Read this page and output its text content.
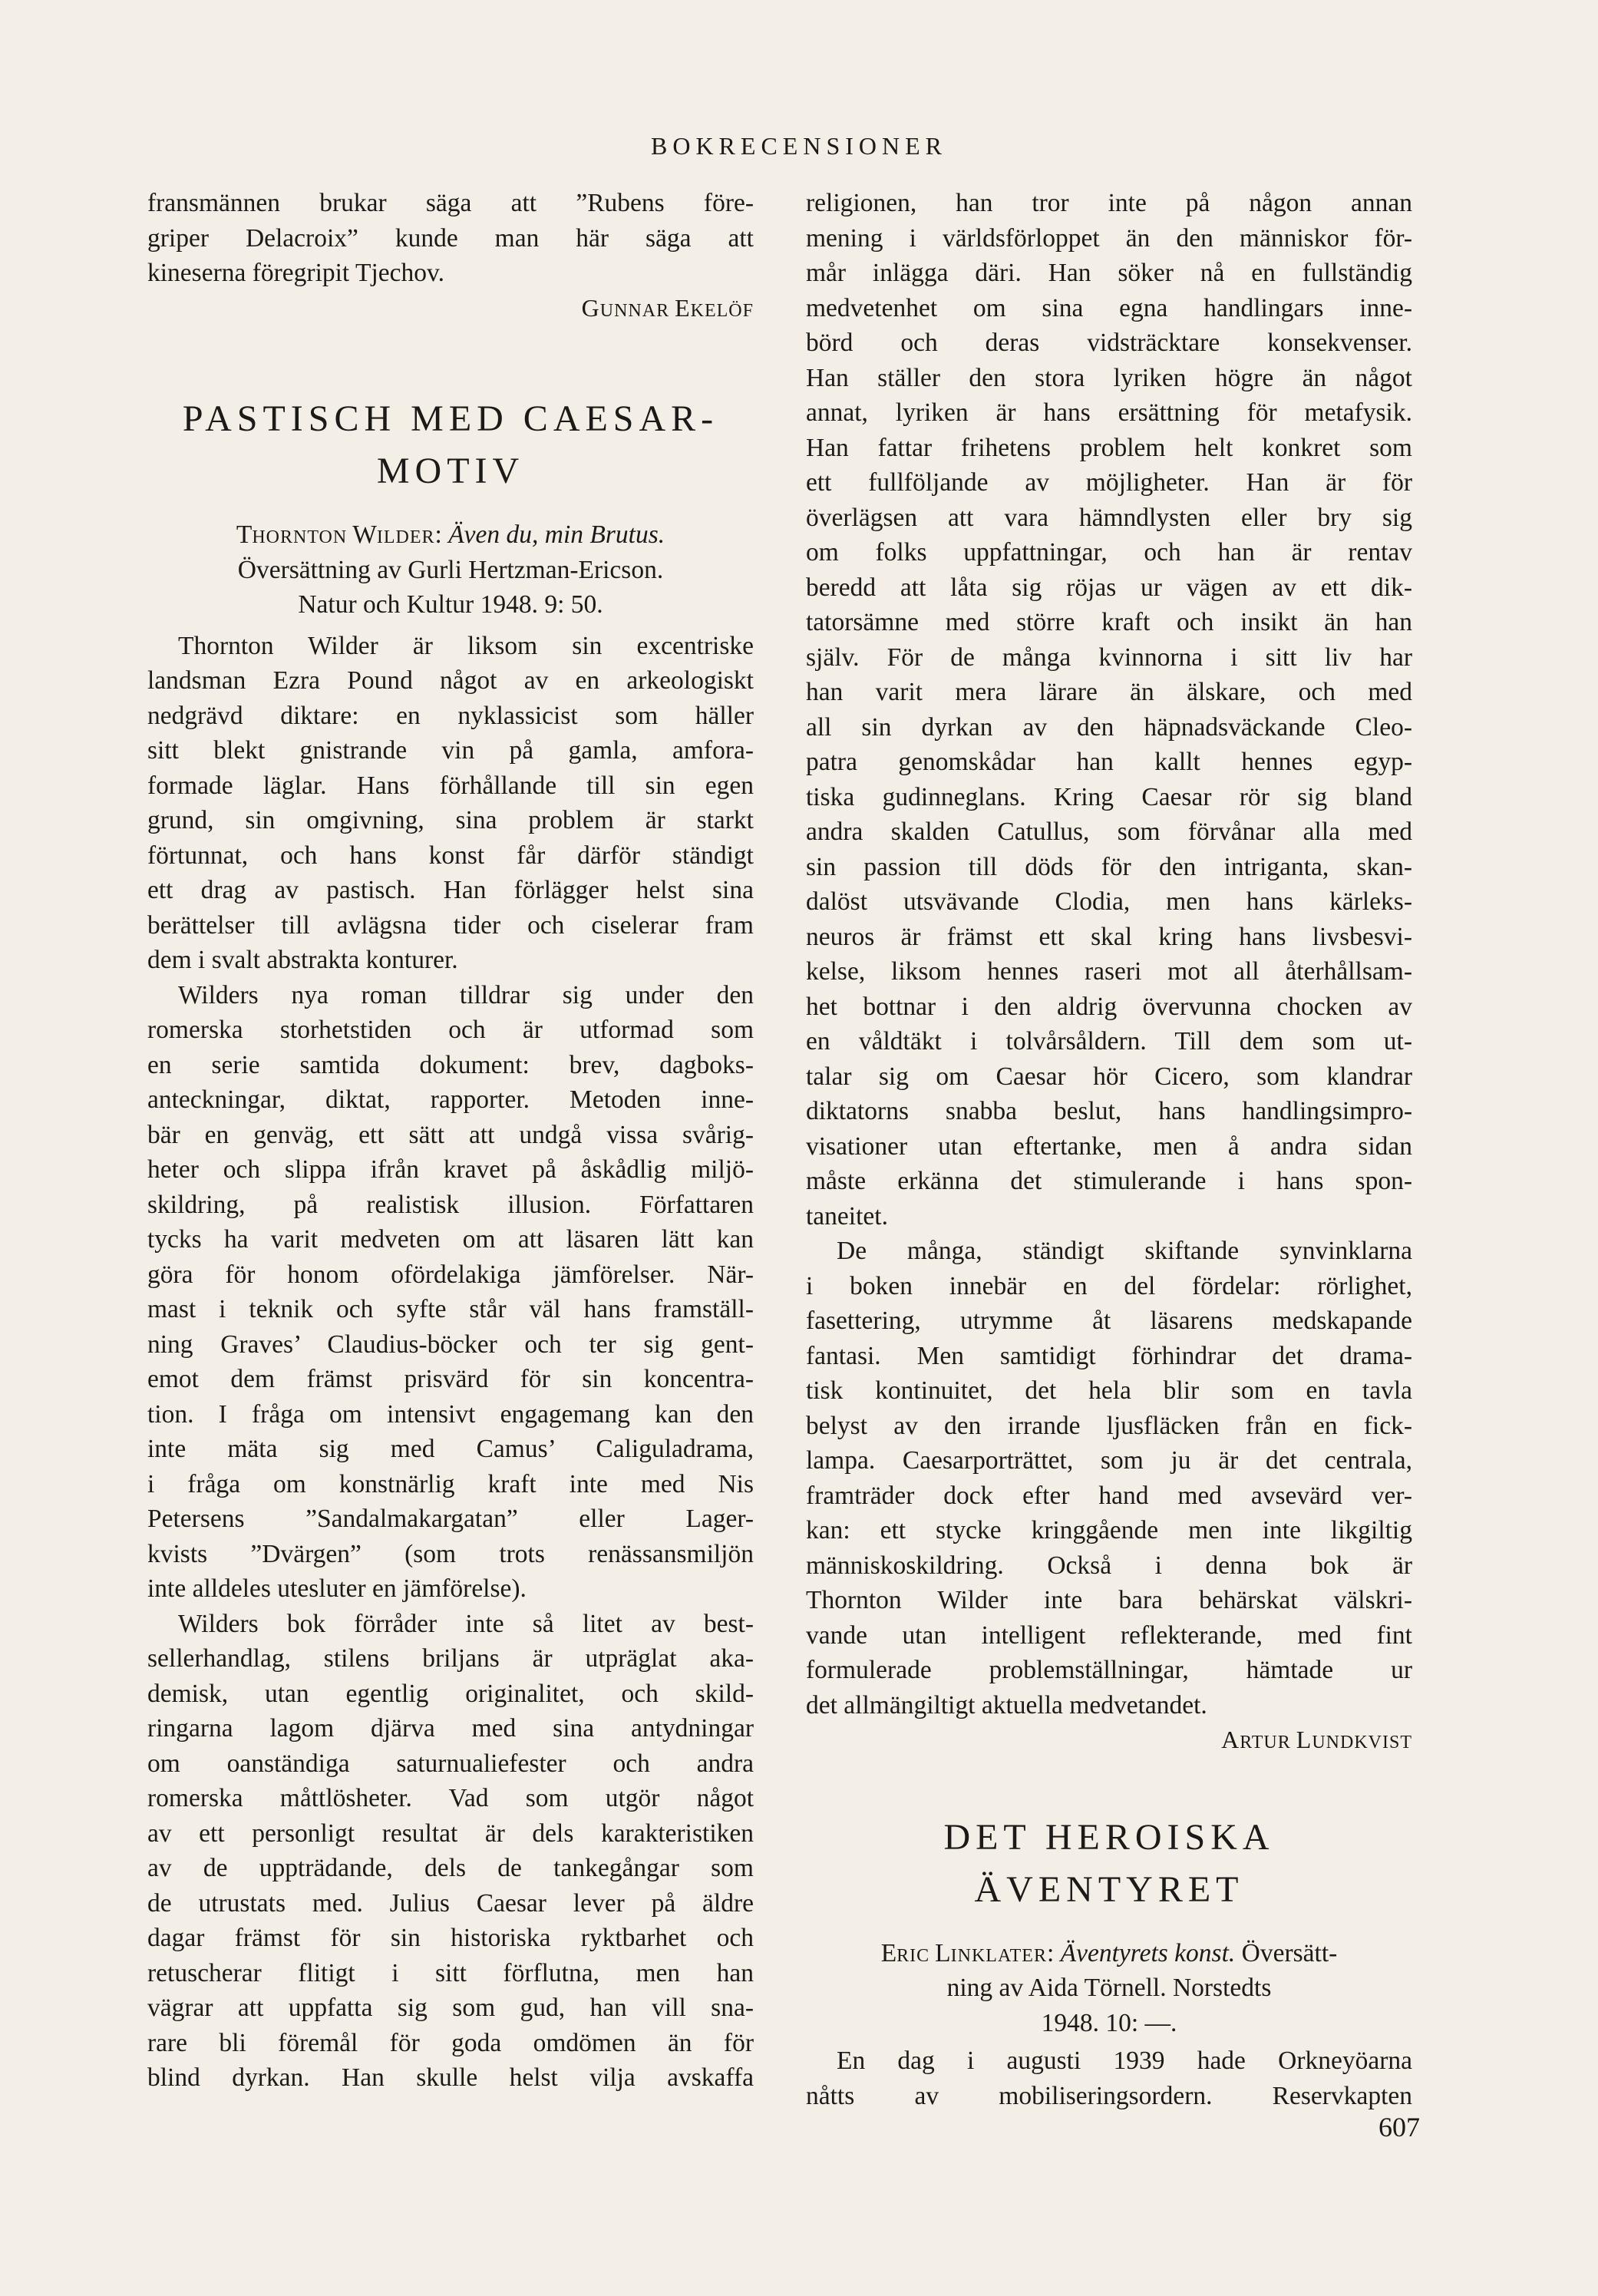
BOKRECENSIONER
fransmännen brukar säga att ”Rubens före-
griper Delacroix” kunde man här säga att
kineserna föregripit Tjechov.
GUNNAR EKELÖF
PASTISCH MED CAESAR-
MOTIV
THORNTON WILDER: Även du, min Brutus.
Översättning av Gurli Hertzman-Ericson.
Natur och Kultur 1948. 9: 50.
Thornton Wilder är liksom sin excentriske
landsman Ezra Pound något av en arkeologiskt
nedgrävd diktare: en nyklassicist som häller
sitt blekt gnistrande vin på gamla, amfora-
formade läglar. Hans förhållande till sin egen
grund, sin omgivning, sina problem är starkt
förtunnat, och hans konst får därför ständigt
ett drag av pastisch. Han förlägger helst sina
berättelser till avlägsna tider och ciselerar fram
dem i svalt abstrakta konturer.
Wilders nya roman tilldrar sig under den
romerska storhetstiden och är utformad som
en serie samtida dokument: brev, dagboks-
anteckningar, diktat, rapporter. Metoden inne-
bär en genväg, ett sätt att undgå vissa svårig-
heter och slippa ifrån kravet på åskådlig miljö-
skildring, på realistisk illusion. Författaren
tycks ha varit medveten om att läsaren lätt kan
göra för honom ofördelakiga jämförelser. När-
mast i teknik och syfte står väl hans framställ-
ning Graves’ Claudius-böcker och ter sig gent-
emot dem främst prisvärd för sin koncentra-
tion. I fråga om intensivt engagemang kan den
inte mäta sig med Camus’ Caliguladrama,
i fråga om konstnärlig kraft inte med Nis
Petersens ”Sandalmakargatan” eller Lager-
kvists ”Dvärgen” (som trots renässansmiljön
inte alldeles utesluter en jämförelse).
Wilders bok förråder inte så litet av best-
sellerhandlag, stilens briljans är utpräglat aka-
demisk, utan egentlig originalitet, och skild-
ringarna lagom djärva med sina antydningar
om oanständiga saturnualiefester och andra
romerska måttlösheter. Vad som utgör något
av ett personligt resultat är dels karakteristiken
av de uppträdande, dels de tankegångar som
de utrustats med. Julius Caesar lever på äldre
dagar främst för sin historiska ryktbarhet och
retuscherar flitigt i sitt förflutna, men han
vägrar att uppfatta sig som gud, han vill sna-
rare bli föremål för goda omdömen än för
blind dyrkan. Han skulle helst vilja avskaffa
religionen, han tror inte på någon annan
mening i världsförloppet än den människor för-
mår inlägga däri. Han söker nå en fullständig
medvetenhet om sina egna handlingars inne-
börd och deras vidsträcktare konsekvenser.
Han ställer den stora lyriken högre än något
annat, lyriken är hans ersättning för metafysik.
Han fattar frihetens problem helt konkret som
ett fullföljande av möjligheter. Han är för
överlägsen att vara hämndlysten eller bry sig
om folks uppfattningar, och han är rentav
beredd att låta sig röjas ur vägen av ett dik-
tatorsämne med större kraft och insikt än han
själv. För de många kvinnorna i sitt liv har
han varit mera lärare än älskare, och med
all sin dyrkan av den häpnadsväckande Cleo-
patra genomskådar han kallt hennes egyp-
tiska gudinneglans. Kring Caesar rör sig bland
andra skalden Catullus, som förvånar alla med
sin passion till döds för den intriganta, skan-
dalöst utsvävande Clodia, men hans kärleks-
neuros är främst ett skal kring hans livsbesvi-
kelse, liksom hennes raseri mot all återhållsam-
het bottnar i den aldrig övervunna chocken av
en våldtäkt i tolvårsåldern. Till dem som ut-
talar sig om Caesar hör Cicero, som klandrar
diktatorns snabba beslut, hans handlingsimpro-
visationer utan eftertanke, men å andra sidan
måste erkänna det stimulerande i hans spon-
taneitet.
De många, ständigt skiftande synvinklarna
i boken innebär en del fördelar: rörlighet,
fasettering, utrymme åt läsarens medskapande
fantasi. Men samtidigt förhindrar det drama-
tisk kontinuitet, det hela blir som en tavla
belyst av den irrande ljusfläcken från en fick-
lampa. Caesarporträttet, som ju är det centrala,
framträder dock efter hand med avsevärd ver-
kan: ett stycke kringgående men inte likgiltig
människoskildring. Också i denna bok är
Thornton Wilder inte bara behärskat välskri-
vande utan intelligent reflekterande, med fint
formulerade problemställningar, hämtade ur
det allmängiltigt aktuella medvetandet.
ARTUR LUNDKVIST
DET HEROISKA
ÄVENTYRET
ERIC LINKLATER: Äventyrets konst. Översätt-
ning av Aida Törnell. Norstedts
1948. 10: —.
En dag i augusti 1939 hade Orkneyöarna
nåtts av mobiliseringsordern. Reservkapten
607
